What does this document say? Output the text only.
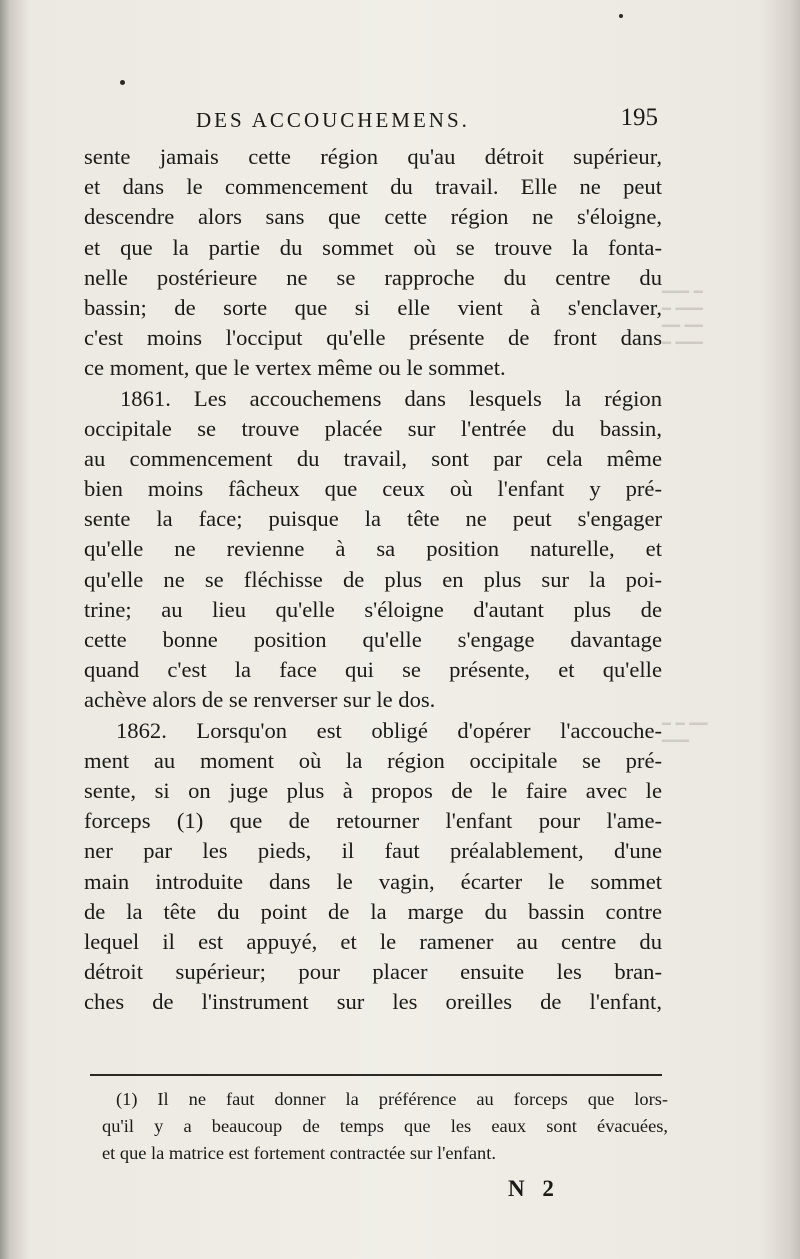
━ ━━━
━━━ ━
━━ ━━
━━━ ━
━━ ━ ━
━━━
DES ACCOUCHEMENS.	195
sente jamais cette région qu'au détroit supérieur,
et dans le commencement du travail. Elle ne peut
descendre alors sans que cette région ne s'éloigne,
et que la partie du sommet où se trouve la fonta-
nelle postérieure ne se rapproche du centre du
bassin; de sorte que si elle vient à s'enclaver,
c'est moins l'occiput qu'elle présente de front dans
ce moment, que le vertex même ou le sommet.
1861. Les accouchemens dans lesquels la région
occipitale se trouve placée sur l'entrée du bassin,
au commencement du travail, sont par cela même
bien moins fâcheux que ceux où l'enfant y pré-
sente la face; puisque la tête ne peut s'engager
qu'elle ne revienne à sa position naturelle, et
qu'elle ne se fléchisse de plus en plus sur la poi-
trine; au lieu qu'elle s'éloigne d'autant plus de
cette bonne position qu'elle s'engage davantage
quand c'est la face qui se présente, et qu'elle
achève alors de se renverser sur le dos.
1862. Lorsqu'on est obligé d'opérer l'accouche-
ment au moment où la région occipitale se pré-
sente, si on juge plus à propos de le faire avec le
forceps (1) que de retourner l'enfant pour l'ame-
ner par les pieds, il faut préalablement, d'une
main introduite dans le vagin, écarter le sommet
de la tête du point de la marge du bassin contre
lequel il est appuyé, et le ramener au centre du
détroit supérieur; pour placer ensuite les bran-
ches de l'instrument sur les oreilles de l'enfant,
(1) Il ne faut donner la préférence au forceps que lors-
qu'il y a beaucoup de temps que les eaux sont évacuées,
et que la matrice est fortement contractée sur l'enfant.
N 2
